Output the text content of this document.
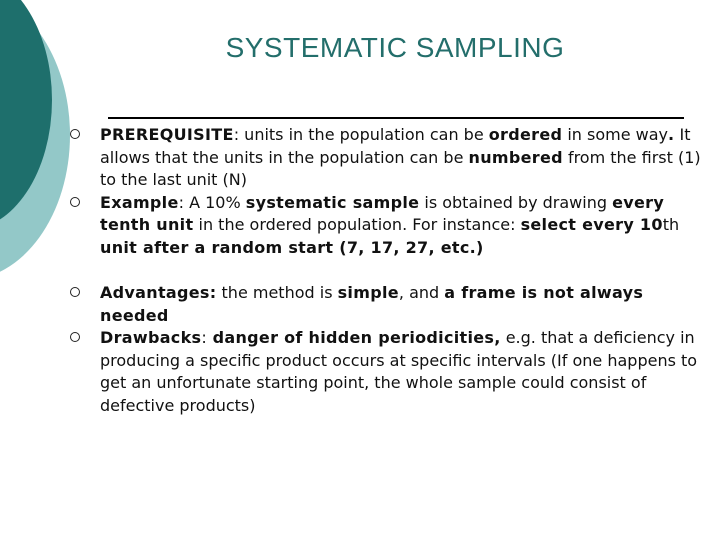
SYSTEMATIC SAMPLING
PREREQUISITE: units in the population can be ordered in some way. It allows that the units in the population can be numbered from the first (1) to the last unit (N)
Example: A 10% systematic sample is obtained by drawing every tenth unit in the ordered population. For instance: select every 10th unit after a random start (7, 17, 27, etc.)
Advantages: the method is simple, and a frame is not always needed
Drawbacks: danger of hidden periodicities, e.g. that a deficiency in producing a specific product occurs at specific intervals (If one happens to get an unfortunate starting point, the whole sample could consist of defective products)
